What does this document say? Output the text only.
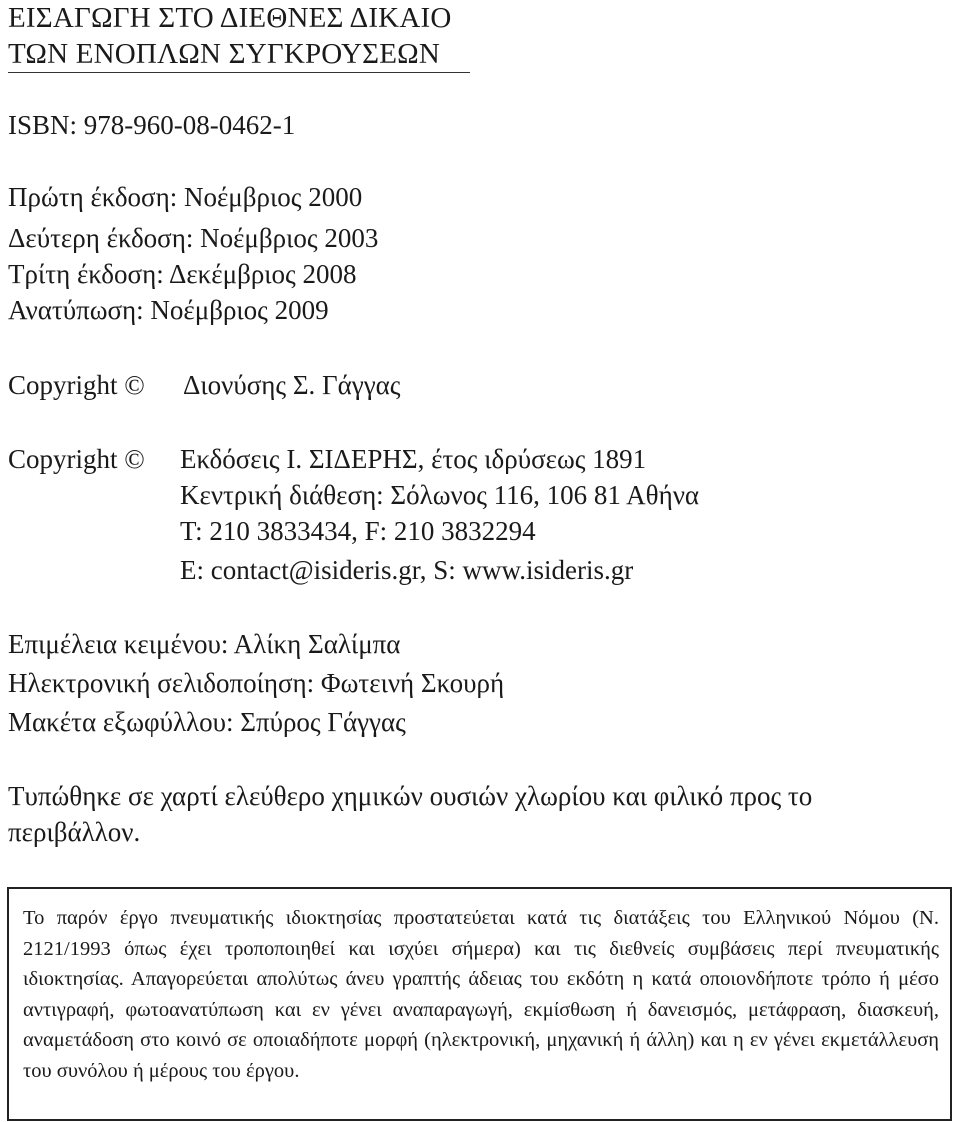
ΕΙΣΑΓΩΓΗ ΣΤΟ ΔΙΕΘΝΕΣ ΔΙΚΑΙΟ
ΤΩΝ ΕΝΟΠΛΩΝ ΣΥΓΚΡΟΥΣΕΩΝ
ISBN: 978-960-08-0462-1
Πρώτη έκδοση: Νοέμβριος 2000
Δεύτερη έκδοση: Νοέμβριος 2003
Τρίτη έκδοση: Δεκέμβριος 2008
Ανατύπωση: Νοέμβριος 2009
Copyright © Διονύσης Σ. Γάγγας
Copyright © Εκδόσεις Ι. ΣΙΔΕΡΗΣ, έτος ιδρύσεως 1891
Κεντρική διάθεση: Σόλωνος 116, 106 81 Αθήνα
T: 210 3833434, F: 210 3832294
E: contact@isideris.gr, S: www.isideris.gr
Επιμέλεια κειμένου: Αλίκη Σαλίμπα
Ηλεκτρονική σελιδοποίηση: Φωτεινή Σκουρή
Μακέτα εξωφύλλου: Σπύρος Γάγγας
Τυπώθηκε σε χαρτί ελεύθερο χημικών ουσιών χλωρίου και φιλικό προς το περιβάλλον.

Το παρόν έργο πνευματικής ιδιοκτησίας προστατεύεται κατά τις διατάξεις του Ελληνικού Νόμου (Ν. 2121/1993 όπως έχει τροποποιηθεί και ισχύει σήμερα) και τις διεθνείς συμβάσεις περί πνευματικής ιδιοκτησίας. Απαγορεύεται απολύτως άνευ γραπτής άδειας του εκδότη η κατά οποιονδήποτε τρόπο ή μέσο αντιγραφή, φωτοανατύπωση και εν γένει αναπαραγωγή, εκμίσθωση ή δανεισμός, μετάφραση, διασκευή, αναμετάδοση στο κοινό σε οποιαδήποτε μορφή (ηλεκτρονική, μηχανική ή άλλη) και η εν γένει εκμετάλλευση του συνόλου ή μέρους του έργου.
